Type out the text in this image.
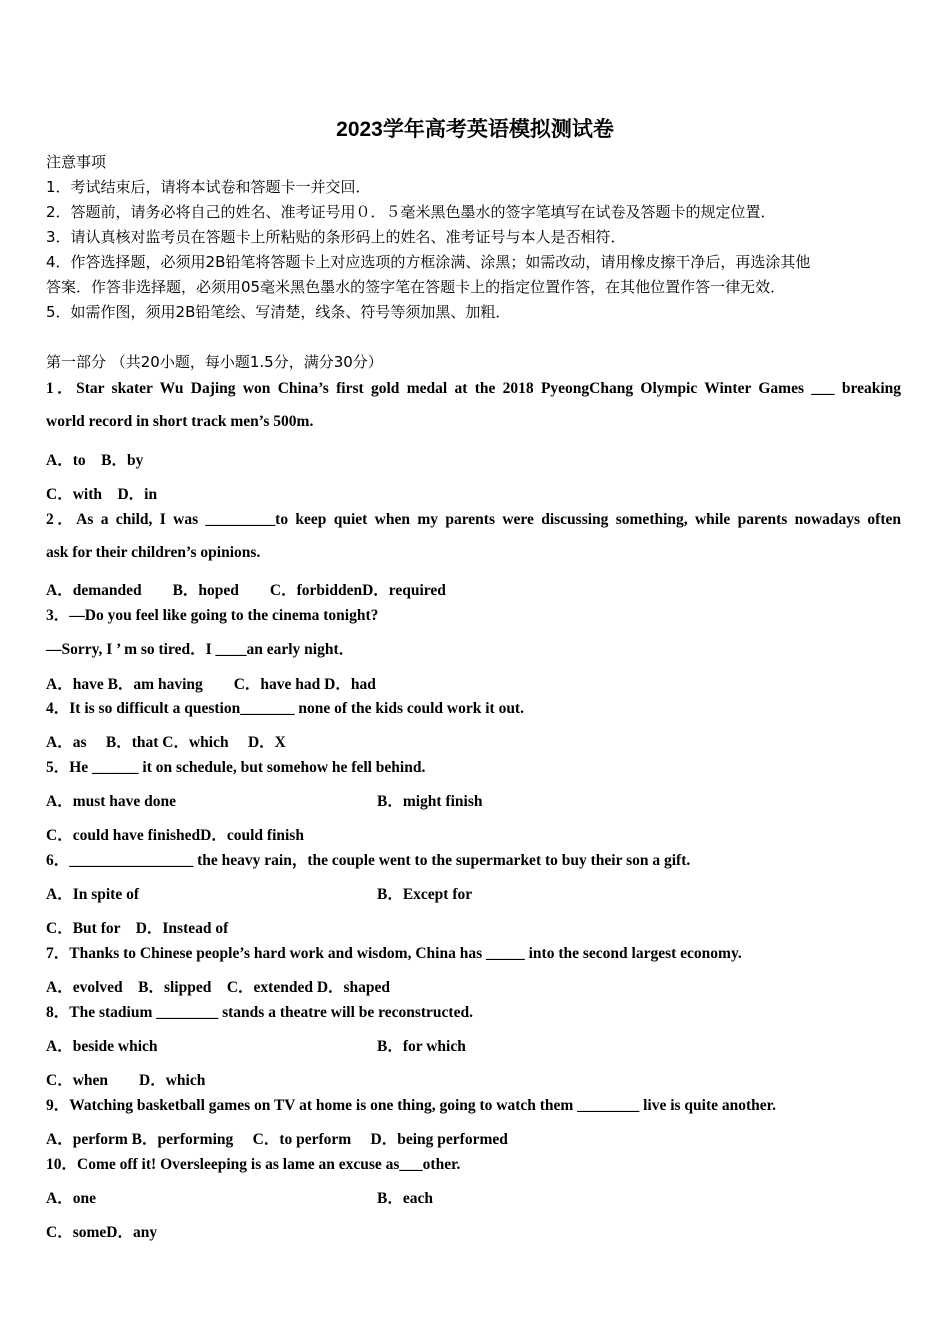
2023学年高考英语模拟测试卷
注意事项
1．考试结束后，请将本试卷和答题卡一并交回．
2．答题前，请务必将自己的姓名、准考证号用０．５毫米黑色墨水的签字笔填写在试卷及答题卡的规定位置．
3．请认真核对监考员在答题卡上所粘贴的条形码上的姓名、准考证号与本人是否相符．
4．作答选择题，必须用2B铅笔将答题卡上对应选项的方框涂满、涂黑；如需改动，请用橡皮擦干净后，再选涂其他
答案．作答非选择题，必须用05毫米黑色墨水的签字笔在答题卡上的指定位置作答，在其他位置作答一律无效．
5．如需作图，须用2B铅笔绘、写清楚，线条、符号等须加黑、加粗．
第一部分 （共20小题，每小题1.5分，满分30分）
1．Star skater Wu Dajing won China’s first gold medal at the 2018 PyeongChang Olympic Winter Games ___ breaking
world record in short track men’s 500m.
A．to　B．by
C．with　D．in
2．As a child, I was _________to keep quiet when my parents were discussing something, while parents nowadays often
ask for their children’s opinions.
A．demanded　　B．hoped　　C．forbiddenD．required
3．—Do you feel like going to the cinema tonight?
—Sorry, I ’ m so tired．I ____an early night．
A．have B．am having　　C．have had D．had
4．It is so difficult a question_______ none of the kids could work it out.
A．as　 B．that C．which　 D．X
5．He ______ it on schedule, but somehow he fell behind.
A．must have done	B．might finish
C．could have finishedD．could finish
6．________________ the heavy rain，the couple went to the supermarket to buy their son a gift.
A．In spite of	B．Except for
C．But for　D．Instead of
7．Thanks to Chinese people’s hard work and wisdom, China has _____ into the second largest economy.
A．evolved　B．slipped　C．extended D．shaped
8．The stadium ________ stands a theatre will be reconstructed.
A．beside which	B．for which
C．when　　D．which
9．Watching basketball games on TV at home is one thing, going to watch them ________ live is quite another.
A．perform B．performing　 C．to perform　 D．being performed
10．Come off it! Oversleeping is as lame an excuse as___other.
A．one	B．each
C．someD．any
